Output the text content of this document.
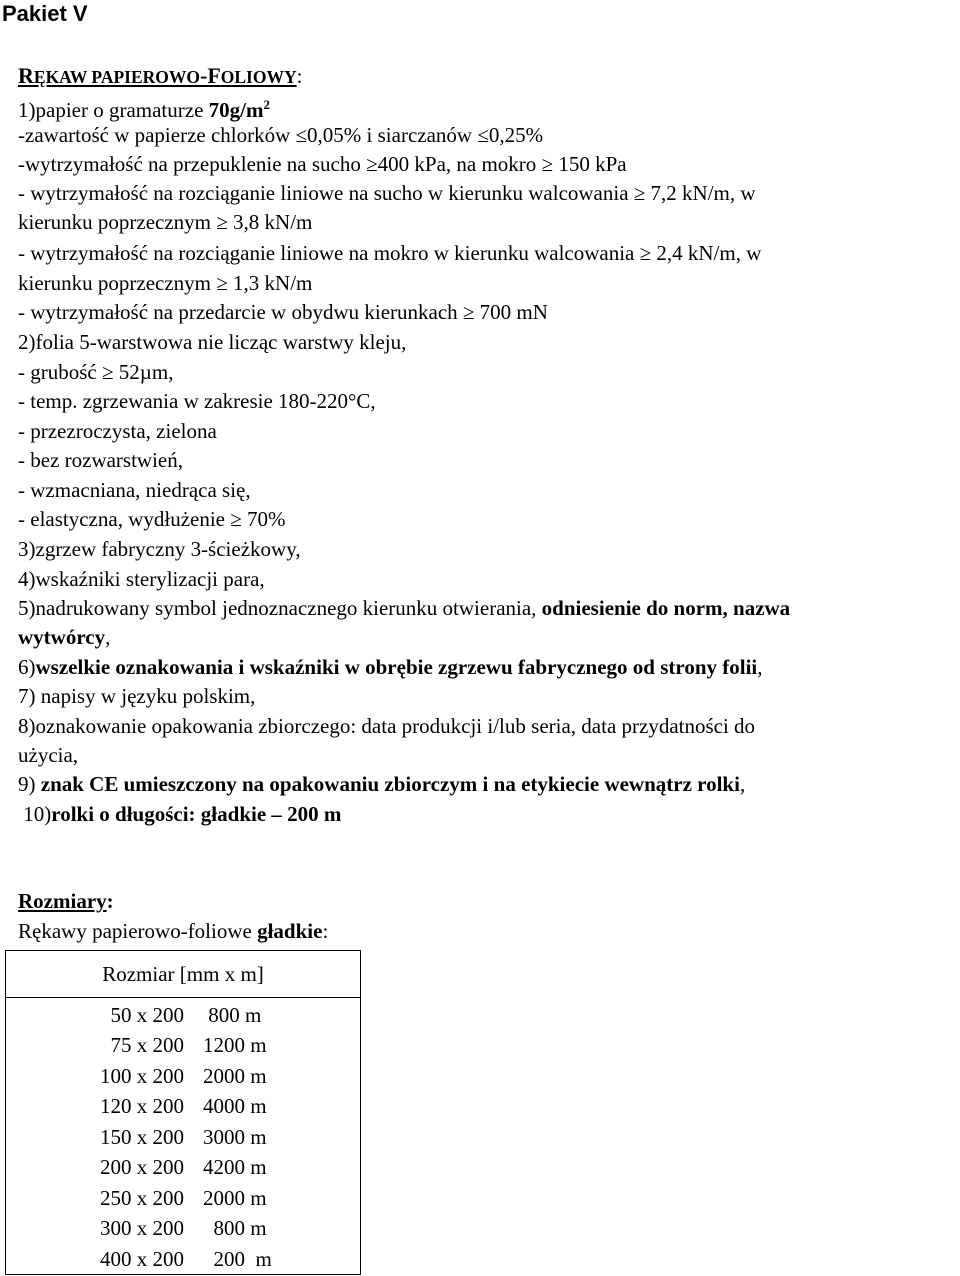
Pakiet V

RĘKAW PAPIEROWO-FOLIOWY:

1)papier o gramaturze $70g/m^2$

-zawartość w papierze chlorków ≤0,05% i siarczanów ≤0,25%

-wytrzymałość na przepuklenie na sucho ≥400 kPa, na mokro ≥ 150 kPa

- wytrzymałość na rozciąganie liniowe na sucho w kierunku walcowania ≥ 7,2 kN/m, w

kierunku poprzecznym ≥ 3,8 kN/m

- wytrzymałość na rozciąganie liniowe na mokro w kierunku walcowania ≥ 2,4 kN/m, w

kierunku poprzecznym ≥ 1,3 kN/m

- wytrzymałość na przedarcie w obydwu kierunkach ≥ 700 mN

2)folia 5-warstwowa nie licząc warstwy kleju,

- grubość ≥ 52µm,

- temp. zgrzewania w zakresie 180-220°C,

- przezroczysta, zielona

- bez rozwarstwień,

- wzmacniana, niedrąca się,

- elastyczna, wydłużenie ≥ 70%

3)zgrzew fabryczny 3-ścieżkowy,

4)wskaźniki sterylizacji para,

5)nadrukowany symbol jednoznacznego kierunku otwierania, odniesienie do norm, nazwa

wytwórcy,

6)wszelkie oznakowania i wskaźniki w obrębie zgrzewu fabrycznego od strony folii,

7) napisy w języku polskim,

8)oznakowanie opakowania zbiorczego: data produkcji i/lub seria, data przydatności do

użycia,

9) znak CE umieszczony na opakowaniu zbiorczym i na etykiecie wewnątrz rolki,

10)rolki o długości: gładkie – 200 m

Rozmiary:

Rękawy papierowo-foliowe gładkie:

Rozmiar [mm x m]
50 x 200 800 m
75 x 200 1200 m
100 x 200 2000 m
120 x 200 4000 m
150 x 200 3000 m
200 x 200 4200 m
250 x 200 2000 m
300 x 200 800 m
400 x 200 200  m
